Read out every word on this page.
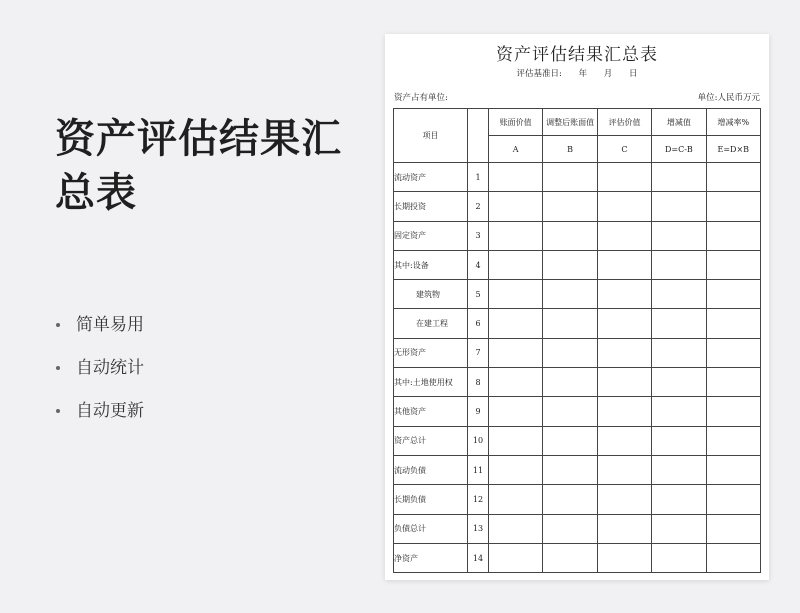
资产评估结果汇总表
简单易用
自动统计
自动更新
资产评估结果汇总表
评估基准日: 年 月 日
资产占有单位:	单位:人民币万元
项目		账面价值	调整后账面值	评估价值	增减值	增减率%
		A	B	C	D=C-B	E=D×B
流动资产	1					
长期投资	2					
固定资产	3					
其中:设备	4					
建筑物	5					
在建工程	6					
无形资产	7					
其中:土地使用权	8					
其他资产	9					
资产总计	10					
流动负债	11					
长期负债	12					
负债总计	13					
净资产	14					
